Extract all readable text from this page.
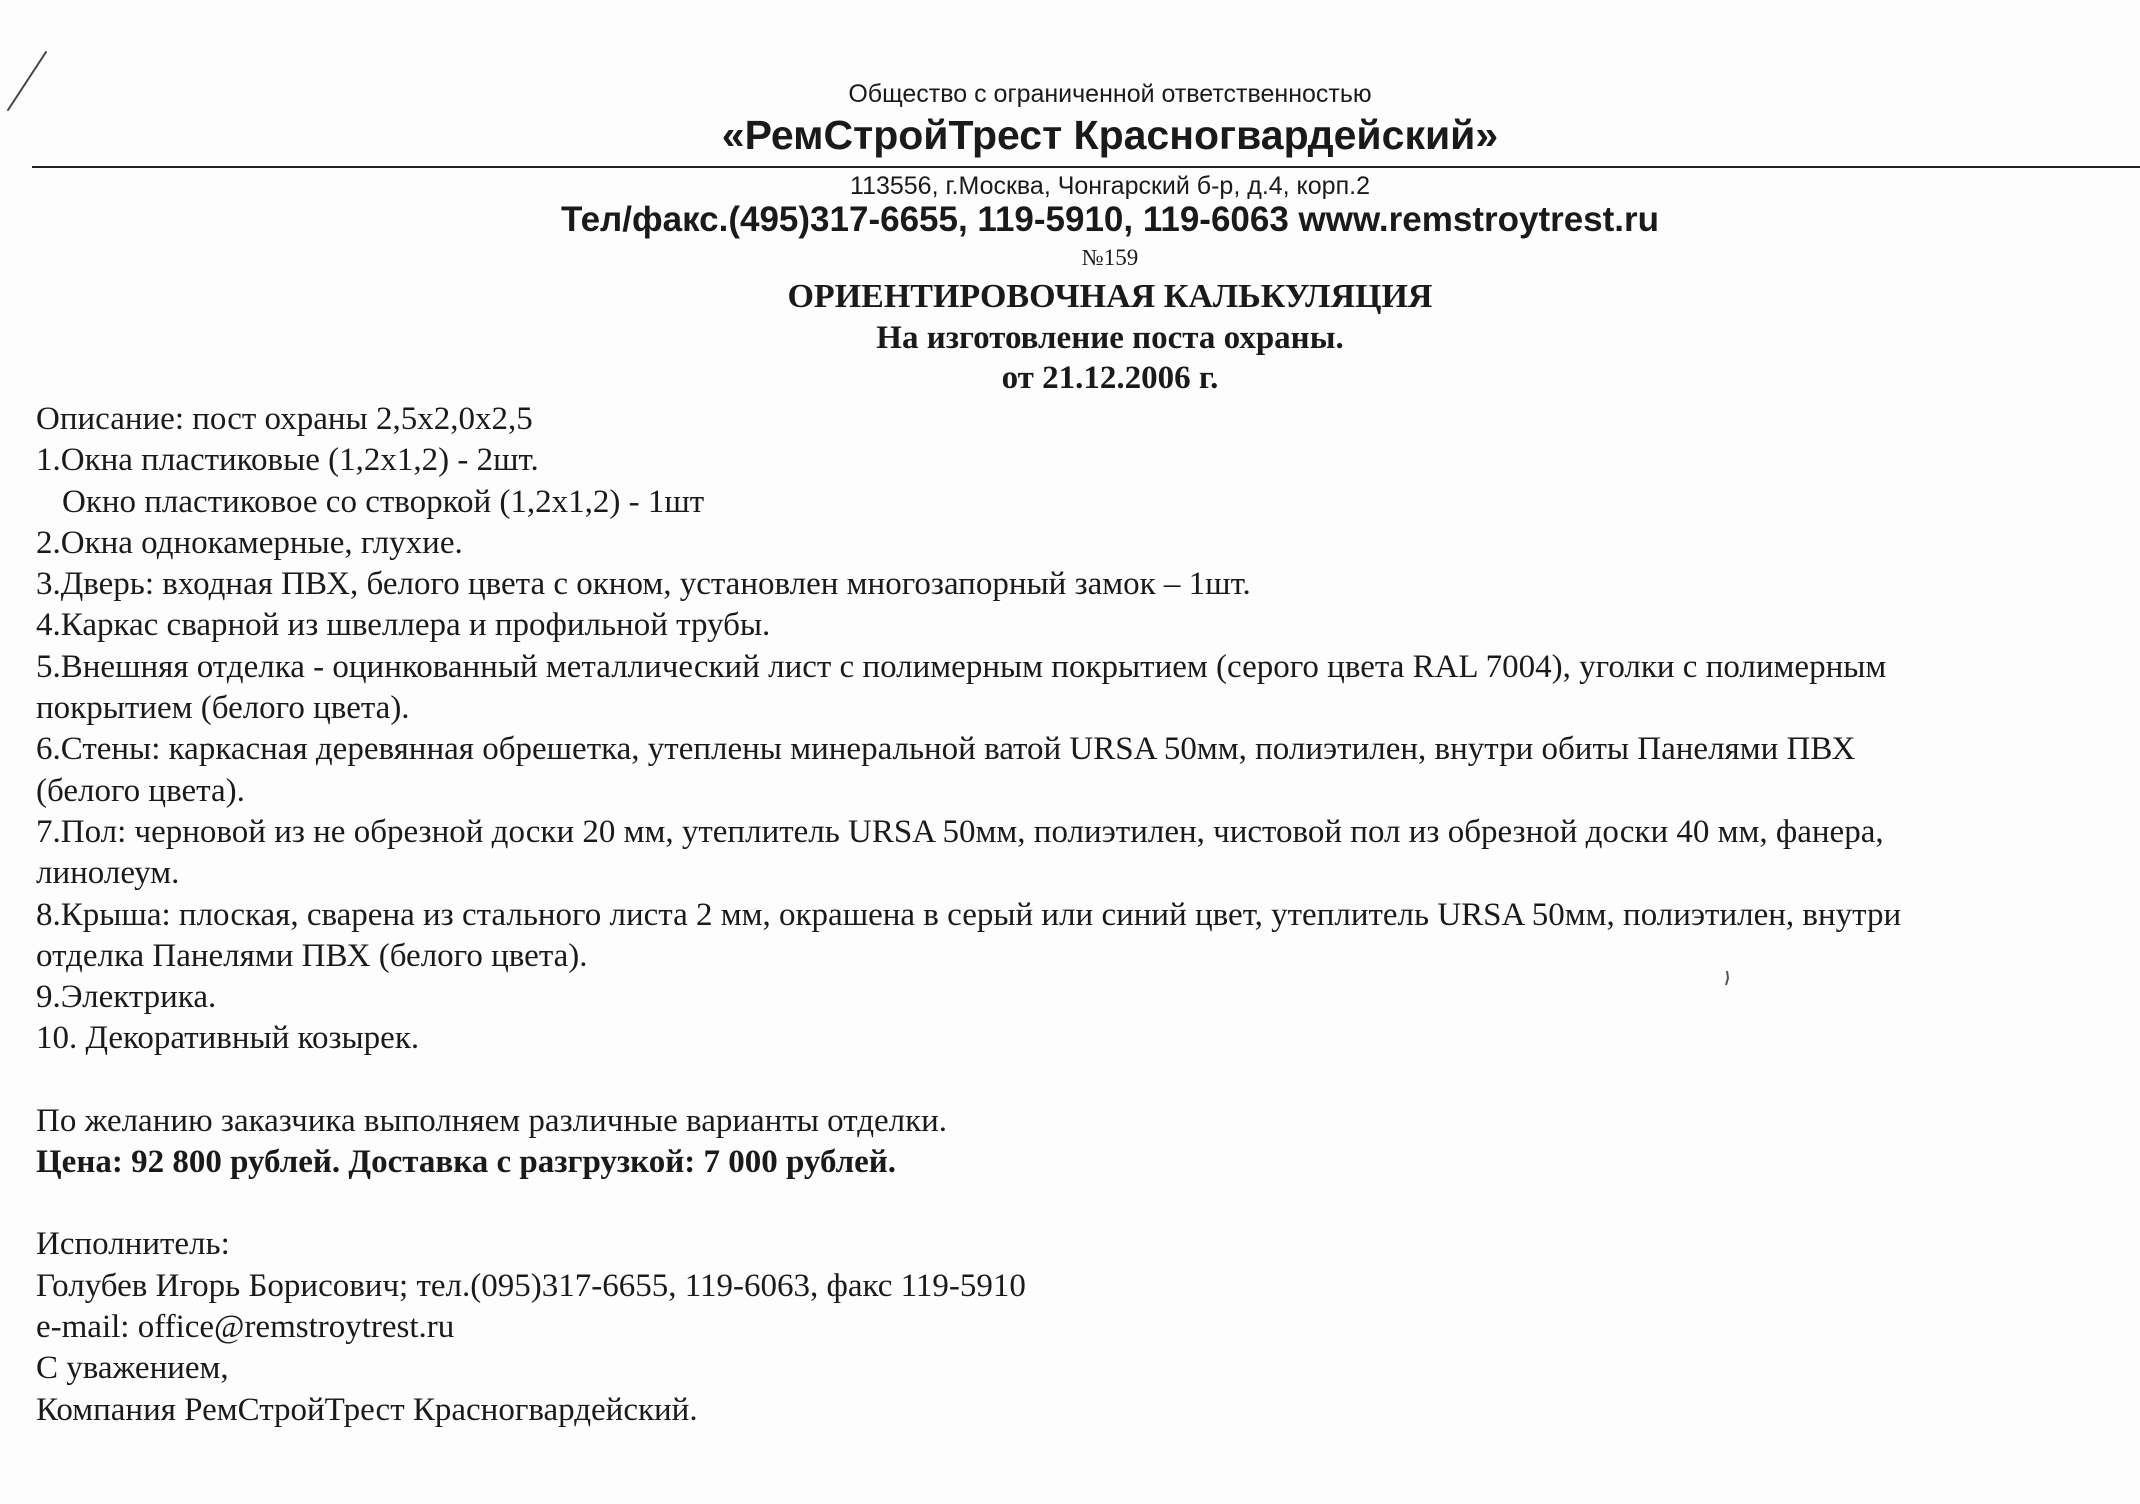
Общество с ограниченной ответственностью
«РемСтройТрест Красногвардейский»
113556, г.Москва, Чонгарский б-р, д.4, корп.2
Тел/факс.(495)317-6655, 119-5910, 119-6063 www.remstroytrest.ru
№159
ОРИЕНТИРОВОЧНАЯ КАЛЬКУЛЯЦИЯ
На изготовление поста охраны.
от 21.12.2006 г.
Описание: пост охраны 2,5х2,0х2,5
1.Окна пластиковые (1,2х1,2) - 2шт.
Окно пластиковое со створкой (1,2х1,2) - 1шт
2.Окна однокамерные, глухие.
3.Дверь: входная ПВХ, белого цвета с окном, установлен многозапорный замок – 1шт.
4.Каркас сварной из швеллера и профильной трубы.
5.Внешняя отделка - оцинкованный металлический лист с полимерным покрытием (серого цвета RAL 7004), уголки с полимерным
покрытием (белого цвета).
6.Стены: каркасная деревянная обрешетка, утеплены минеральной ватой URSA 50мм, полиэтилен, внутри обиты Панелями ПВХ
(белого цвета).
7.Пол: черновой из не обрезной доски 20 мм, утеплитель URSA 50мм, полиэтилен, чистовой пол из обрезной доски 40 мм, фанера,
линолеум.
8.Крыша: плоская, сварена из стального листа 2 мм, окрашена в серый или синий цвет, утеплитель URSA 50мм, полиэтилен, внутри
отделка Панелями ПВХ (белого цвета).
9.Электрика.
10. Декоративный козырек.
По желанию заказчика выполняем различные варианты отделки.
Цена: 92 800 рублей. Доставка с разгрузкой: 7 000 рублей.
Исполнитель:
Голубев Игорь Борисович; тел.(095)317-6655, 119-6063, факс 119-5910
e-mail: office@remstroytrest.ru
С уважением,
Компания РемСтройТрест Красногвардейский.
